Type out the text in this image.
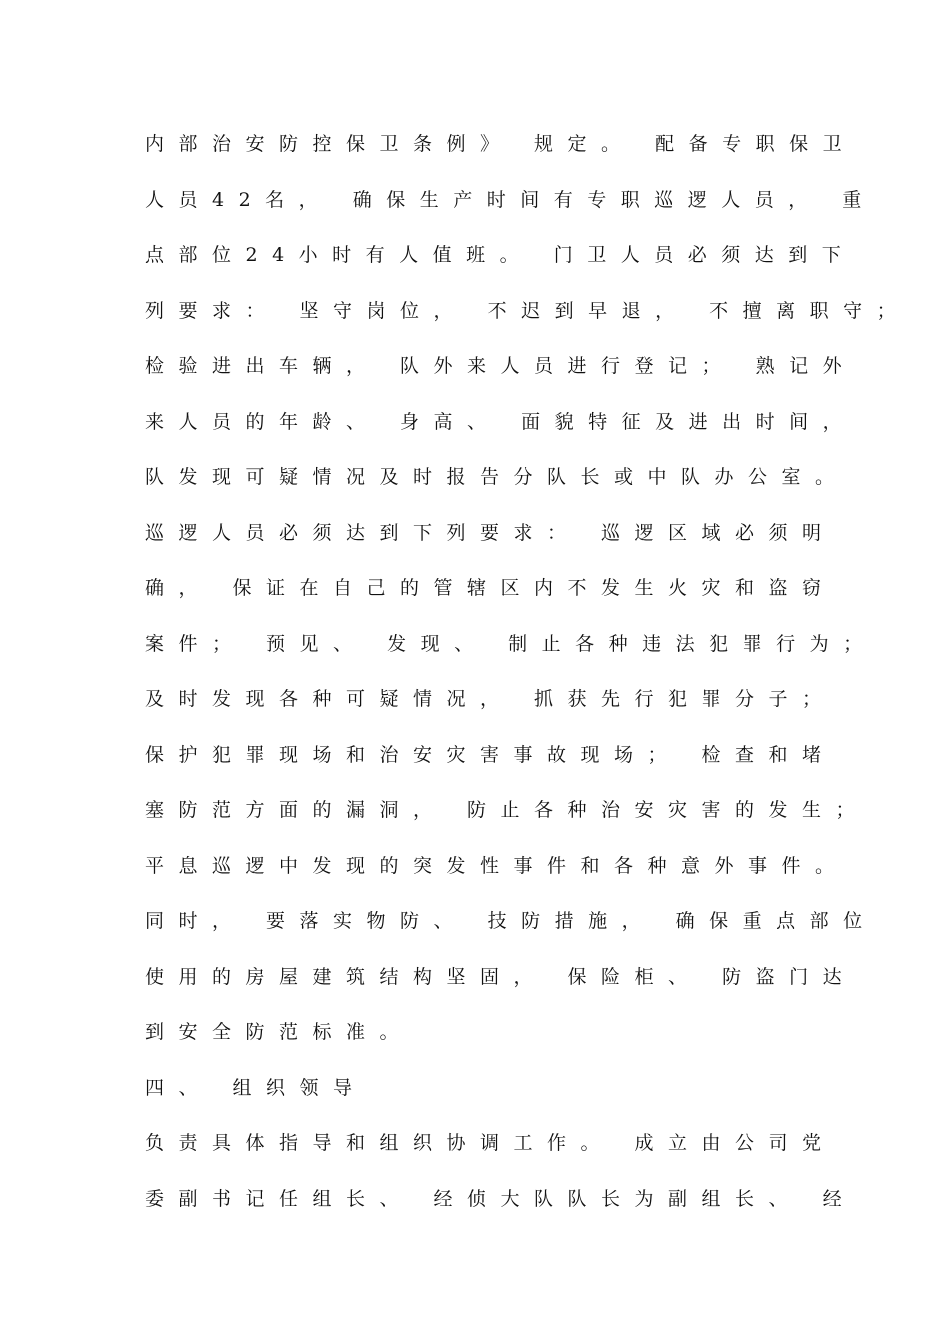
内部治安防控保卫条例》 规定。 配备专职保卫
人员42名， 确保生产时间有专职巡逻人员， 重
点部位24小时有人值班。 门卫人员必须达到下
列要求： 坚守岗位， 不迟到早退， 不擅离职守；
检验进出车辆， 队外来人员进行登记； 熟记外
来人员的年龄、 身高、 面貌特征及进出时间，
队发现可疑情况及时报告分队长或中队办公室。
巡逻人员必须达到下列要求： 巡逻区域必须明
确， 保证在自己的管辖区内不发生火灾和盗窃
案件； 预见、 发现、 制止各种违法犯罪行为；
及时发现各种可疑情况， 抓获先行犯罪分子；
保护犯罪现场和治安灾害事故现场； 检查和堵
塞防范方面的漏洞， 防止各种治安灾害的发生；
平息巡逻中发现的突发性事件和各种意外事件。
同时， 要落实物防、 技防措施， 确保重点部位
使用的房屋建筑结构坚固， 保险柜、 防盗门达
到安全防范标准。
四、 组织领导
负责具体指导和组织协调工作。 成立由公司党
委副书记任组长、 经侦大队队长为副组长、 经
